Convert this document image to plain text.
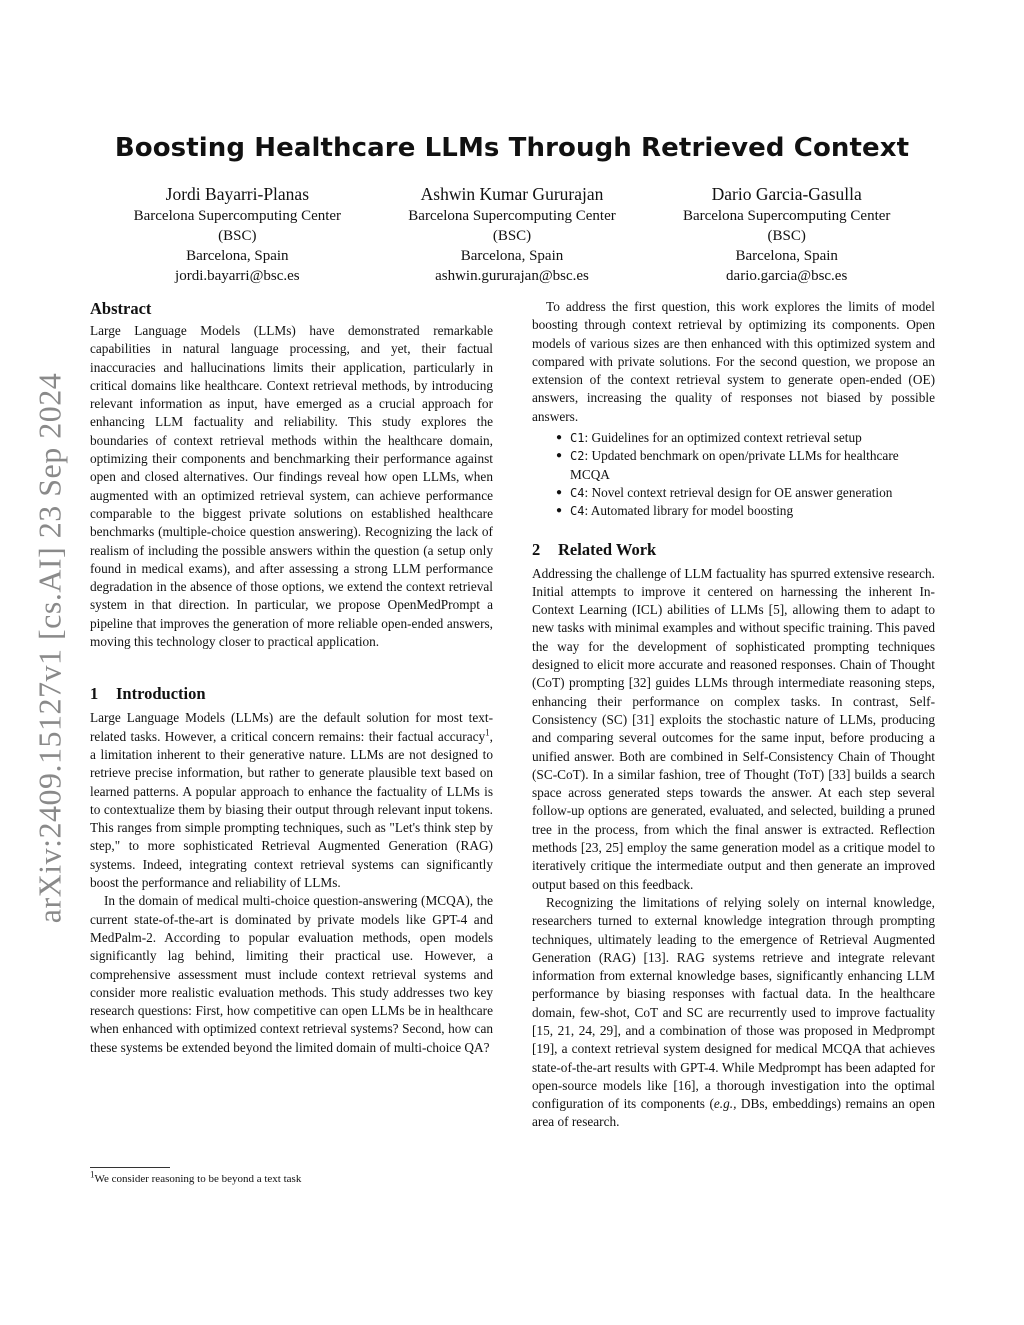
arXiv:2409.15127v1 [cs.AI] 23 Sep 2024
Boosting Healthcare LLMs Through Retrieved Context
Jordi Bayarri-Planas
Barcelona Supercomputing Center
(BSC)
Barcelona, Spain
jordi.bayarri@bsc.es
Ashwin Kumar Gururajan
Barcelona Supercomputing Center
(BSC)
Barcelona, Spain
ashwin.gururajan@bsc.es
Dario Garcia-Gasulla
Barcelona Supercomputing Center
(BSC)
Barcelona, Spain
dario.garcia@bsc.es
Abstract

Large Language Models (LLMs) have demonstrated remarkable capabilities in natural language processing, and yet, their factual inaccuracies and hallucinations limits their application, particularly in critical domains like healthcare. Context retrieval methods, by introducing relevant information as input, have emerged as a crucial approach for enhancing LLM factuality and reliability. This study explores the boundaries of context retrieval methods within the healthcare domain, optimizing their components and benchmarking their performance against open and closed alternatives. Our findings reveal how open LLMs, when augmented with an optimized retrieval system, can achieve performance comparable to the biggest private solutions on established healthcare benchmarks (multiple-choice question answering). Recognizing the lack of realism of including the possible answers within the question (a setup only found in medical exams), and after assessing a strong LLM performance degradation in the absence of those options, we extend the context retrieval system in that direction. In particular, we propose OpenMedPrompt a pipeline that improves the generation of more reliable open-ended answers, moving this technology closer to practical application.

1 Introduction

Large Language Models (LLMs) are the default solution for most text-related tasks. However, a critical concern remains: their factual accuracy$^1$, a limitation inherent to their generative nature. LLMs are not designed to retrieve precise information, but rather to generate plausible text based on learned patterns. A popular approach to enhance the factuality of LLMs is to contextualize them by biasing their output through relevant input tokens. This ranges from simple prompting techniques, such as "Let's think step by step," to more sophisticated Retrieval Augmented Generation (RAG) systems. Indeed, integrating context retrieval systems can significantly boost the performance and reliability of LLMs.

In the domain of medical multi-choice question-answering (MCQA), the current state-of-the-art is dominated by private models like GPT-4 and MedPalm-2. According to popular evaluation methods, open models significantly lag behind, limiting their practical use. However, a comprehensive assessment must include context retrieval systems and consider more realistic evaluation methods. This study addresses two key research questions: First, how competitive can open LLMs be in healthcare when enhanced with optimized context retrieval systems? Second, how can these systems be extended beyond the limited domain of multi-choice QA?

$^1$We consider reasoning to be beyond a text task

To address the first question, this work explores the limits of model boosting through context retrieval by optimizing its components. Open models of various sizes are then enhanced with this optimized system and compared with private solutions. For the second question, we propose an extension of the context retrieval system to generate open-ended (OE) answers, increasing the quality of responses not biased by possible answers.

● C1: Guidelines for an optimized context retrieval setup
● C2: Updated benchmark on open/private LLMs for healthcare MCQA
● C4: Novel context retrieval design for OE answer generation
● C4: Automated library for model boosting
2 Related Work

Addressing the challenge of LLM factuality has spurred extensive research. Initial attempts to improve it centered on harnessing the inherent In-Context Learning (ICL) abilities of LLMs [5], allowing them to adapt to new tasks with minimal examples and without specific training. This paved the way for the development of sophisticated prompting techniques designed to elicit more accurate and reasoned responses. Chain of Thought (CoT) prompting [32] guides LLMs through intermediate reasoning steps, enhancing their performance on complex tasks. In contrast, Self-Consistency (SC) [31] exploits the stochastic nature of LLMs, producing and comparing several outcomes for the same input, before producing a unified answer. Both are combined in Self-Consistency Chain of Thought (SC-CoT). In a similar fashion, tree of Thought (ToT) [33] builds a search space across generated steps towards the answer. At each step several follow-up options are generated, evaluated, and selected, building a pruned tree in the process, from which the final answer is extracted. Reflection methods [23, 25] employ the same generation model as a critique model to iteratively critique the intermediate output and then generate an improved output based on this feedback.

Recognizing the limitations of relying solely on internal knowledge, researchers turned to external knowledge integration through prompting techniques, ultimately leading to the emergence of Retrieval Augmented Generation (RAG) [13]. RAG systems retrieve and integrate relevant information from external knowledge bases, significantly enhancing LLM performance by biasing responses with factual data. In the healthcare domain, few-shot, CoT and SC are recurrently used to improve factuality [15, 21, 24, 29], and a combination of those was proposed in Medprompt [19], a context retrieval system designed for medical MCQA that achieves state-of-the-art results with GPT-4. While Medprompt has been adapted for open-source models like [16], a thorough investigation into the optimal configuration of its components (e.g., DBs, embeddings) remains an open area of research.
